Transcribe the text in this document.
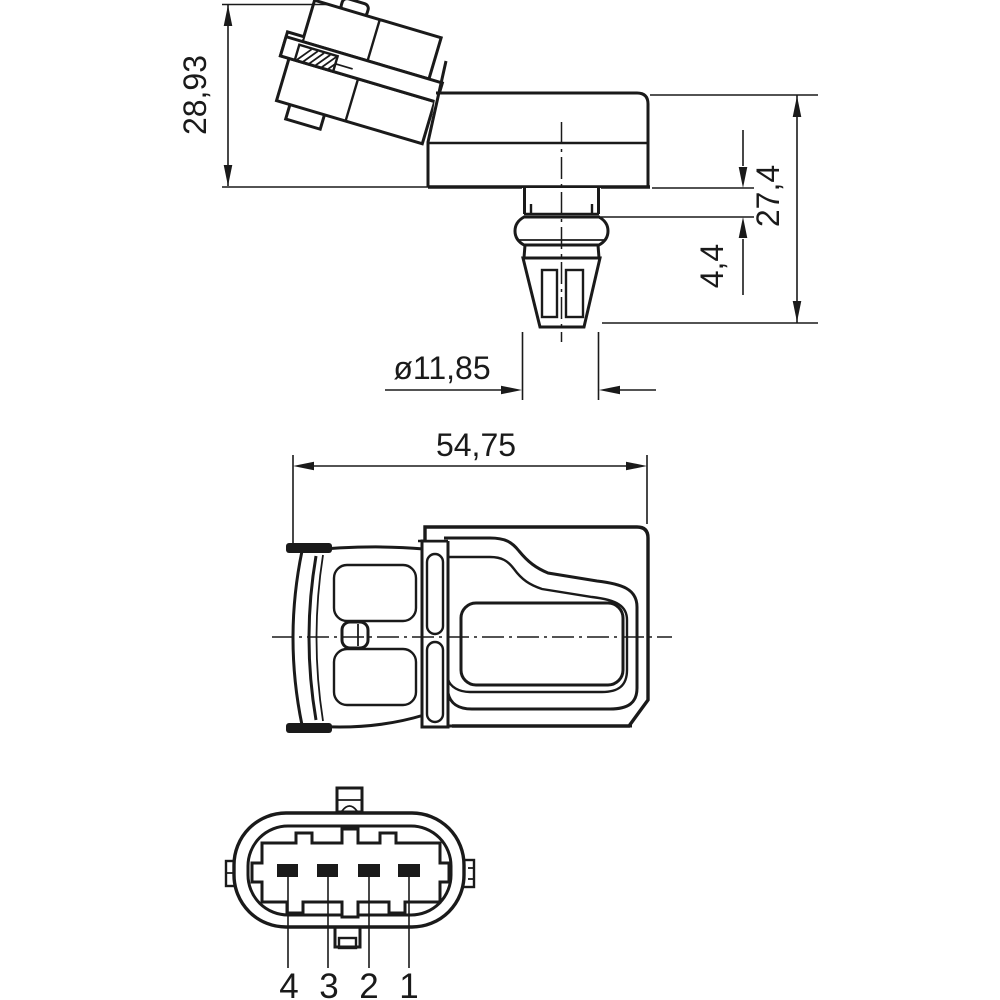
28,93
27,4
4,4
ø11,85
54,75
4 3 2 1
